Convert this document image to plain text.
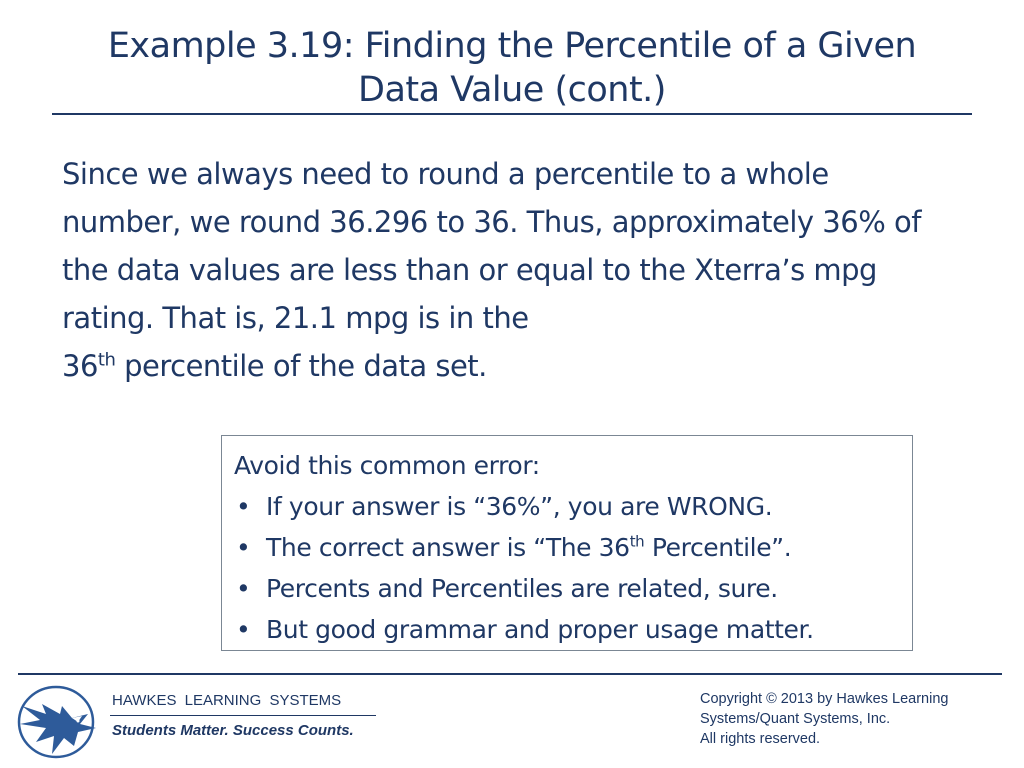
Example 3.19: Finding the Percentile of a Given
Data Value (cont.)
Since we always need to round a percentile to a whole number, we round 36.296 to 36. Thus, approximately 36% of the data values are less than or equal to the Xterra’s mpg rating. That is, 21.1 mpg is in the
36th percentile of the data set.
Avoid this common error:
• If your answer is “36%”, you are WRONG.
• The correct answer is “The 36th Percentile”.
• Percents and Percentiles are related, sure.
• But good grammar and proper usage matter.
HAWKES LEARNING SYSTEMS
Students Matter. Success Counts.
Copyright © 2013 by Hawkes Learning
Systems/Quant Systems, Inc.
All rights reserved.
